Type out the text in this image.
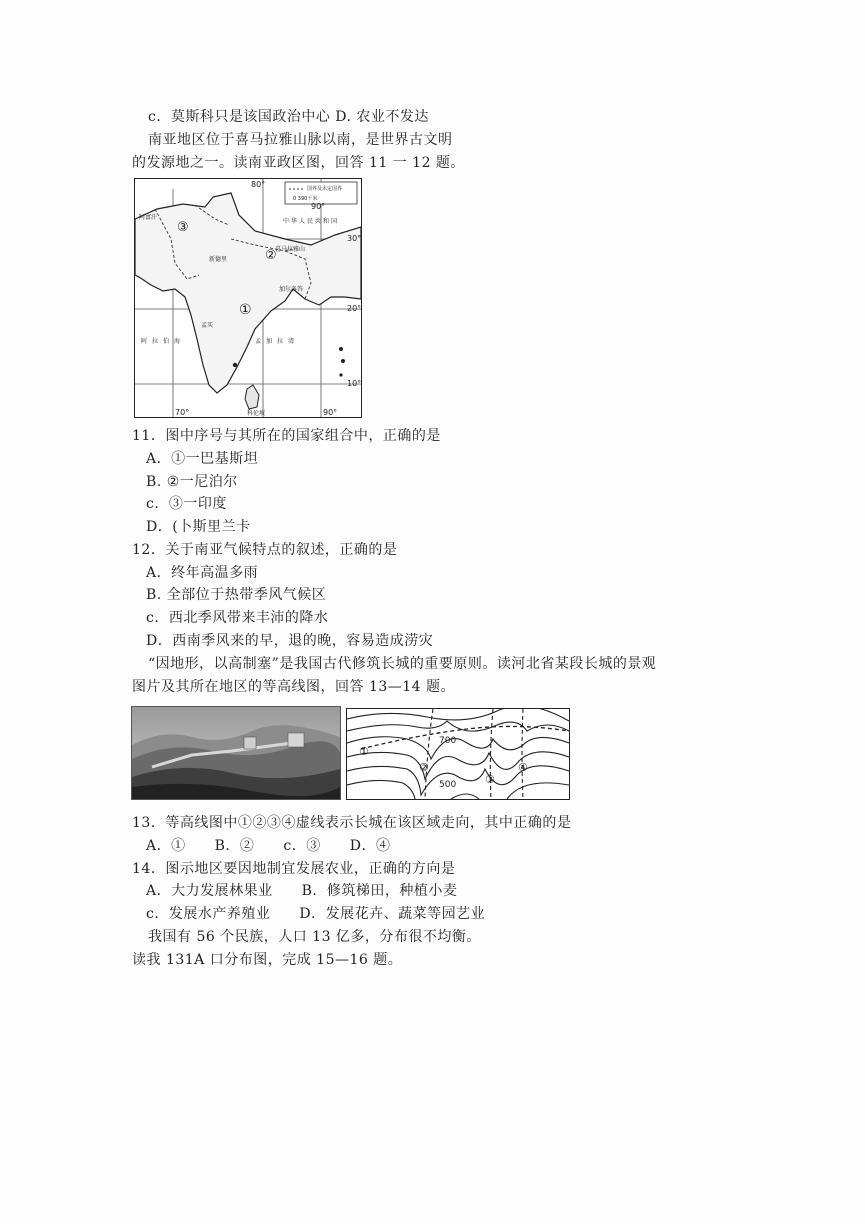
c．莫斯科只是该国政治中心 D. 农业不发达
南亚地区位于喜马拉雅山脉以南，是世界古文明
的发源地之一。读南亚政区图，回答 11 一 12 题。
①
②
③
80°
90°
70°	90°
30°
20°
10°
国界及未定国界
0 390千米
孟买
科伦坡
加尔各答
新德里
阿富汗
阿拉伯海	孟加拉湾
中华人民共和国
喜马拉雅山
11．图中序号与其所在的国家组合中，正确的是
A．①一巴基斯坦
B. ②一尼泊尔
c．③一印度
D．(卜斯里兰卡
12．关于南亚气候特点的叙述，正确的是
A．终年高温多雨
B. 全部位于热带季风气候区
c．西北季风带来丰沛的降水
D．西南季风来的早，退的晚，容易造成涝灾
“因地形，以高制塞”是我国古代修筑长城的重要原则。读河北省某段长城的景观
图片及其所在地区的等高线图，回答 13—14 题。
①
②
③
④
700
500
13．等高线图中①②③④虚线表示长城在该区域走向，其中正确的是
A．①　　B．②　　c．③　　D．④
14．图示地区要因地制宜发展农业，正确的方向是
A．大力发展林果业　　B．修筑梯田，种植小麦
c．发展水产养殖业　　D．发展花卉、蔬菜等园艺业
我国有 56 个民族，人口 13 亿多，分布很不均衡。
读我 131A 口分布图，完成 15—16 题。
